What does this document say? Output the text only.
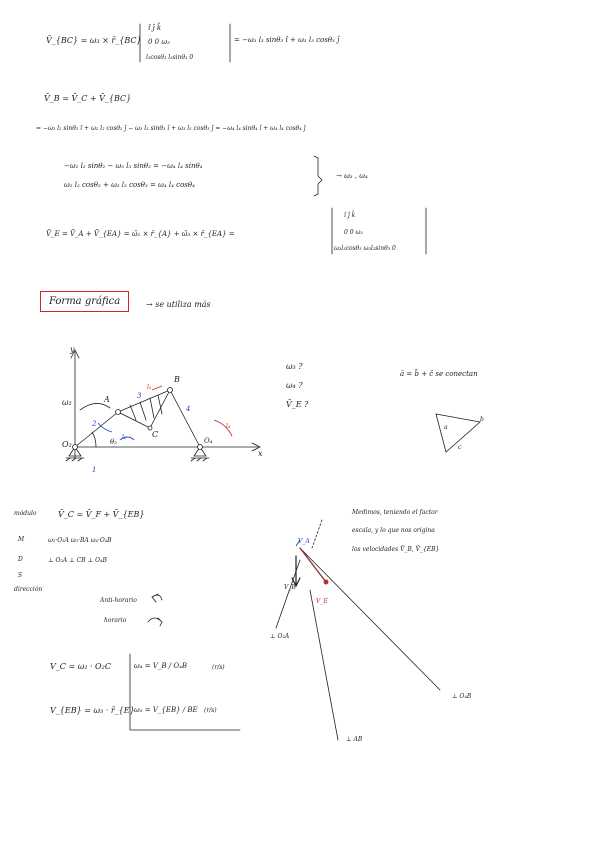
V̄_{BC} = ω₃ × r̄_{BC}
î ĵ k̂
0 0 ω₃
l₃cosθ₃ l₃sinθ₃ 0
= −ω₃ l₃ sinθ₃ î + ω₃ l₃ cosθ₃ ĵ
V̄_B = V̄_C + V̄_{BC}
= −ω₂ l₂ sinθ₂ î + ω₂ l₂ cosθ₂ ĵ − ω₃ l₃ sinθ₃ î + ω₃ l₃ cosθ₃ ĵ = −ω₄ l₄ sinθ₄ î + ω₄ l₄ cosθ₄ ĵ
−ω₂ l₂ sinθ₂ − ω₃ l₃ sinθ₃ = −ω₄ l₄ sinθ₄
ω₂ l₂ cosθ₂ + ω₃ l₃ cosθ₃ = ω₄ l₄ cosθ₄
→ ω₃ , ω₄
V̄_E = V̄_A + V̄_{EA} = ω̄₂ × r̄_{A} + ω̄₃ × r̄_{EA} =
î ĵ k̂
0 0 ω₃
ω₃l₃cosθ₃ ω₃l₃sinθ₃ 0
Forma gráfica	→ se utiliza más
y
x
ω₂
O₂
A
B
C
O₄
1
2
3
4
θ₂
l₃
l₄
l₂
ω₃ ?
ω₄ ?
V̄_E ?
ā = b̄ + c̄ se conectan
a
b
c
módulo
M
D
S
dirección
V̄_C = V̄_F + V̄_{EB}
ω₂·O₂A ω₃·BA ω₄·O₄B
⊥ O₂A ⊥ CB ⊥ O₄B
Anti-horario
horario
V_C = ω₂ · O₂C	ω₄ = V_B / O₄B	(r/s)
V_{EB} = ω₃ · r̄_{E} ω₃ = V_{EB} / BE (r/s)
Medimos, teniendo el factor
escala, y lo que nos origina
los velocidades V̄_B, V̄_{EB}
V_A
V_B
V_E
⊥ O₂A
⊥ AB
⊥ O₄B
